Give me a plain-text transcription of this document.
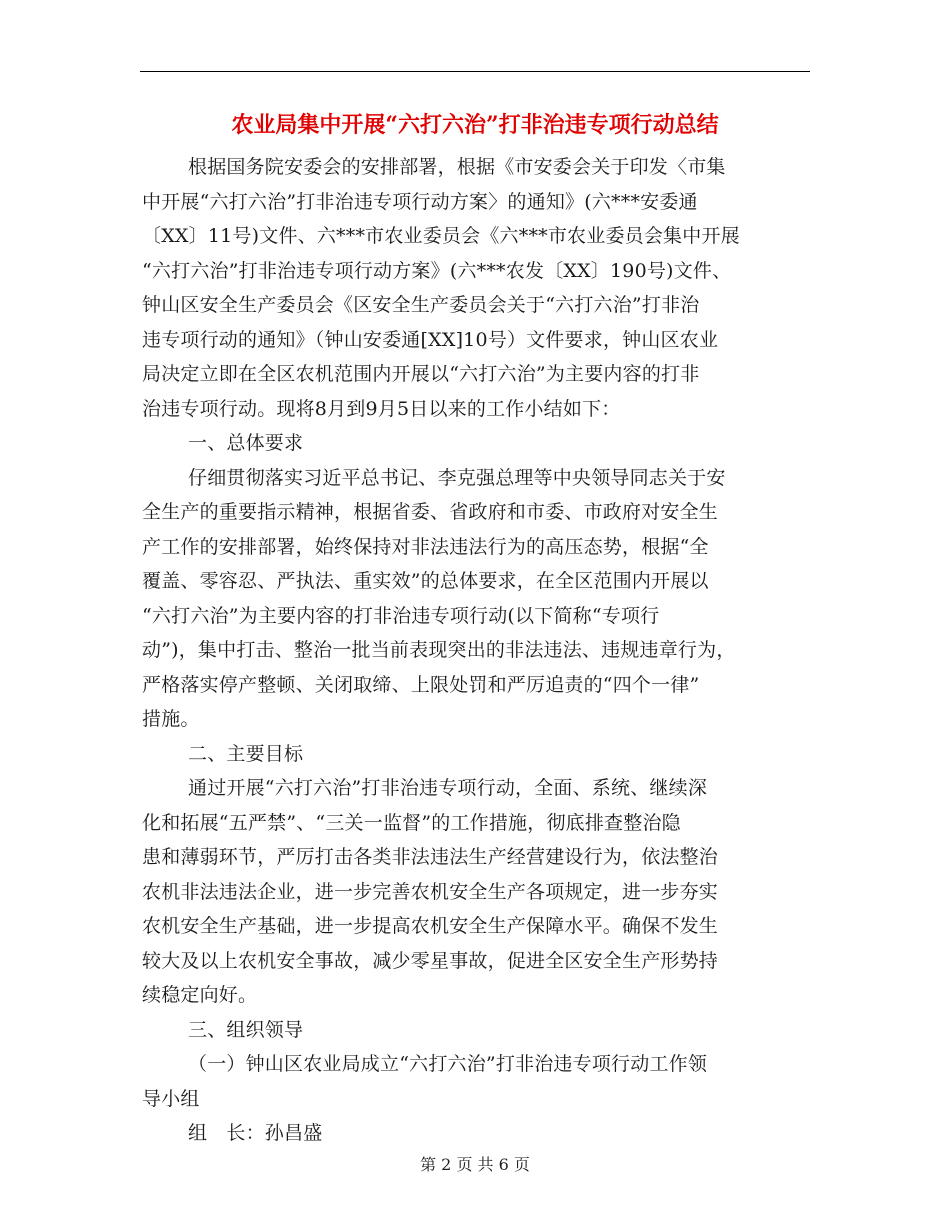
农业局集中开展“六打六治”打非治违专项行动总结

根据国务院安委会的安排部署，根据《市安委会关于印发〈市集

中开展“六打六治”打非治违专项行动方案〉的通知》(六***安委通

〔XX〕11号)文件、六***市农业委员会《六***市农业委员会集中开展

“六打六治”打非治违专项行动方案》(六***农发〔XX〕190号)文件、

钟山区安全生产委员会《区安全生产委员会关于“六打六治”打非治

违专项行动的通知》（钟山安委通[XX]10号）文件要求，钟山区农业

局决定立即在全区农机范围内开展以“六打六治”为主要内容的打非

治违专项行动。现将8月到9月5日以来的工作小结如下：

一、总体要求

仔细贯彻落实习近平总书记、李克强总理等中央领导同志关于安

全生产的重要指示精神，根据省委、省政府和市委、市政府对安全生

产工作的安排部署，始终保持对非法违法行为的高压态势，根据“全

覆盖、零容忍、严执法、重实效”的总体要求，在全区范围内开展以

“六打六治”为主要内容的打非治违专项行动(以下简称“专项行

动”)，集中打击、整治一批当前表现突出的非法违法、违规违章行为，

严格落实停产整顿、关闭取缔、上限处罚和严厉追责的“四个一律”

措施。

二、主要目标

通过开展“六打六治”打非治违专项行动，全面、系统、继续深

化和拓展“五严禁”、“三关一监督”的工作措施，彻底排查整治隐

患和薄弱环节，严厉打击各类非法违法生产经营建设行为，依法整治

农机非法违法企业，进一步完善农机安全生产各项规定，进一步夯实

农机安全生产基础，进一步提高农机安全生产保障水平。确保不发生

较大及以上农机安全事故，减少零星事故，促进全区安全生产形势持

续稳定向好。

三、组织领导

（一）钟山区农业局成立“六打六治”打非治违专项行动工作领

导小组

组　长：孙昌盛

第 2 页 共 6 页
